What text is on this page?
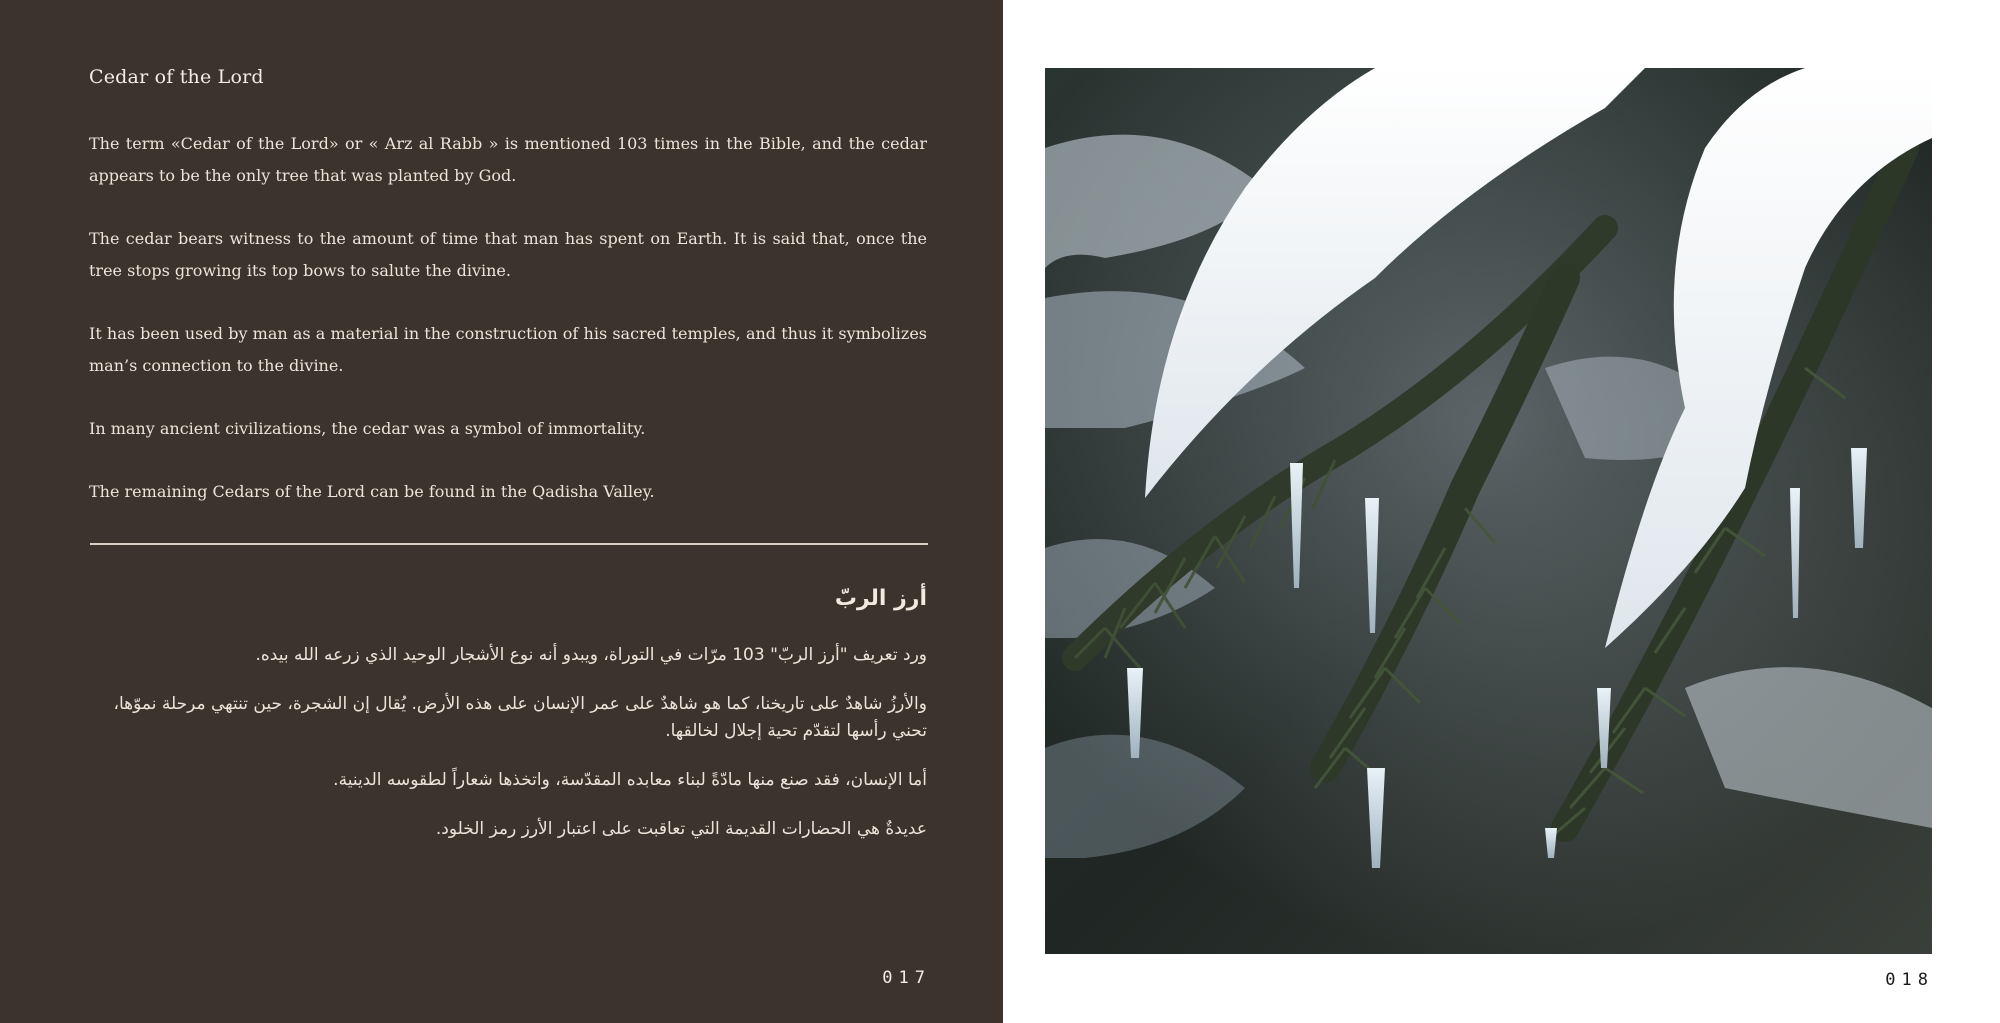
Cedar of the Lord

The term «Cedar of the Lord» or « Arz al Rabb » is mentioned 103 times in the Bible, and the cedar appears to be the only tree that was planted by God.

The cedar bears witness to the amount of time that man has spent on Earth. It is said that, once the tree stops growing its top bows to salute the divine.

It has been used by man as a material in the construction of his sacred temples, and thus it symbolizes man’s connection to the divine.

In many ancient civilizations, the cedar was a symbol of immortality.

The remaining Cedars of the Lord can be found in the Qadisha Valley.

أرز الربّ

ورد تعريف "أرز الربّ" 103 مرّات في التوراة، ويبدو أنه نوع الأشجار الوحيد الذي زرعه الله بيده.

والأرزُ شاهدٌ على تاريخنا، كما هو شاهدٌ على عمر الإنسان على هذه الأرض. يُقال إن الشجرة، حين تنتهي مرحلة نموّها، تحني رأسها لتقدّم تحية إجلال لخالقها.

أما الإنسان، فقد صنع منها مادّةً لبناء معابده المقدّسة، واتخذها شعاراً لطقوسه الدينية.

عديدةٌ هي الحضارات القديمة التي تعاقبت على اعتبار الأرز رمز الخلود.

017	018
